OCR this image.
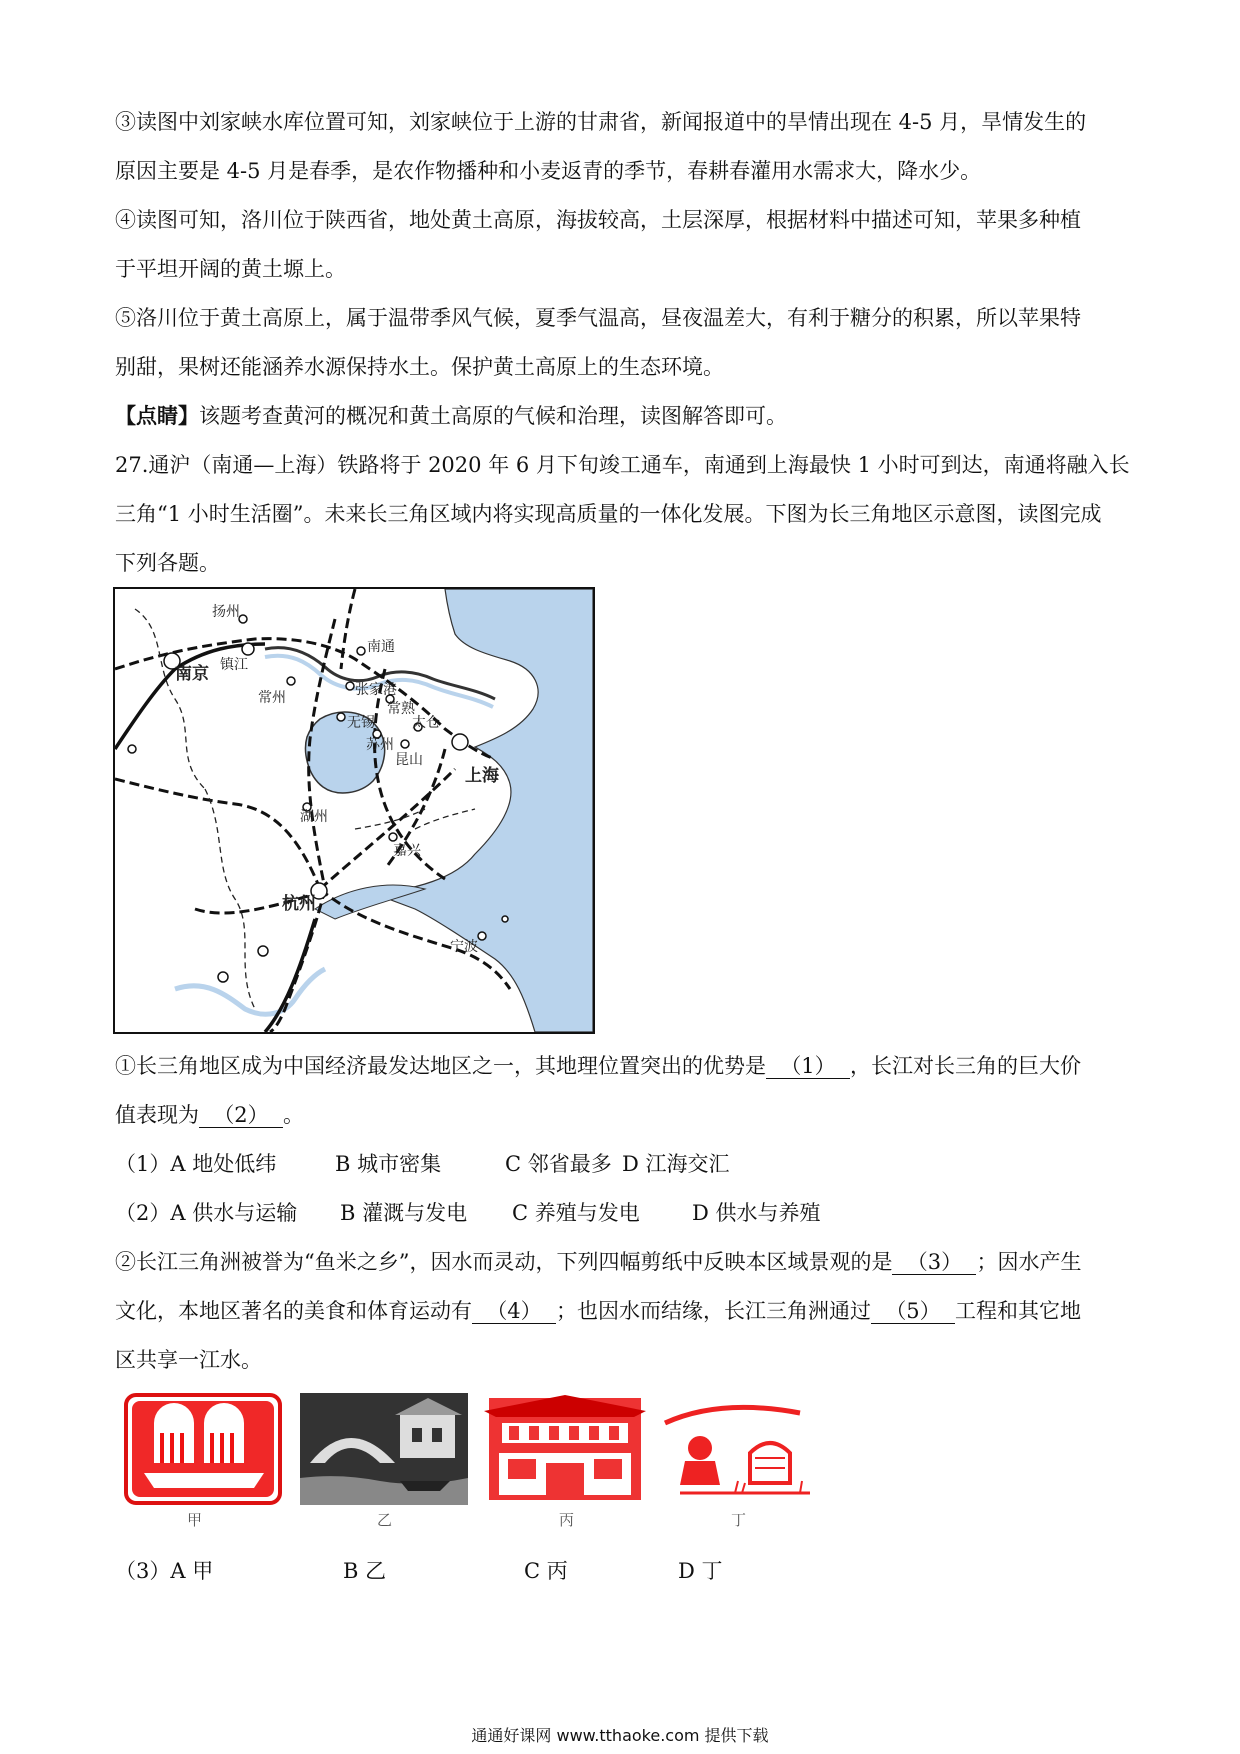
③读图中刘家峡水库位置可知，刘家峡位于上游的甘肃省，新闻报道中的旱情出现在 4-5 月，旱情发生的
原因主要是 4-5 月是春季，是农作物播种和小麦返青的季节，春耕春灌用水需求大，降水少。
④读图可知，洛川位于陕西省，地处黄土高原，海拔较高，土层深厚，根据材料中描述可知，苹果多种植
于平坦开阔的黄土塬上。
⑤洛川位于黄土高原上，属于温带季风气候，夏季气温高，昼夜温差大，有利于糖分的积累，所以苹果特
别甜，果树还能涵养水源保持水土。保护黄土高原上的生态环境。
【点睛】该题考查黄河的概况和黄土高原的气候和治理，读图解答即可。
27.通沪（南通—上海）铁路将于 2020 年 6 月下旬竣工通车，南通到上海最快 1 小时可到达，南通将融入长
三角“1 小时生活圈”。未来长三角区域内将实现高质量的一体化发展。下图为长三角地区示意图，读图完成
下列各题。
扬州
南通
南京 镇江
常州	张家港
常熟
太仓
无锡
苏州
昆山
上海
湖州
嘉兴
杭州
宁波
①长三角地区成为中国经济最发达地区之一，其地理位置突出的优势是 （1） ，长江对长三角的巨大价
值表现为 （2） 。
（1）A 地处低纬	B 城市密集	C 邻省最多 D 江海交汇
（2）A 供水与运输 B 灌溉与发电 C 养殖与发电 D 供水与养殖
②长江三角洲被誉为“鱼米之乡”，因水而灵动，下列四幅剪纸中反映本区域景观的是 （3） ；因水产生
文化，本地区著名的美食和体育运动有 （4） ；也因水而结缘，长江三角洲通过 （5） 工程和其它地
区共享一江水。
甲	乙	丙	丁
（3）A 甲	B 乙	C 丙	D 丁
通通好课网 www.tthaoke.com 提供下载
